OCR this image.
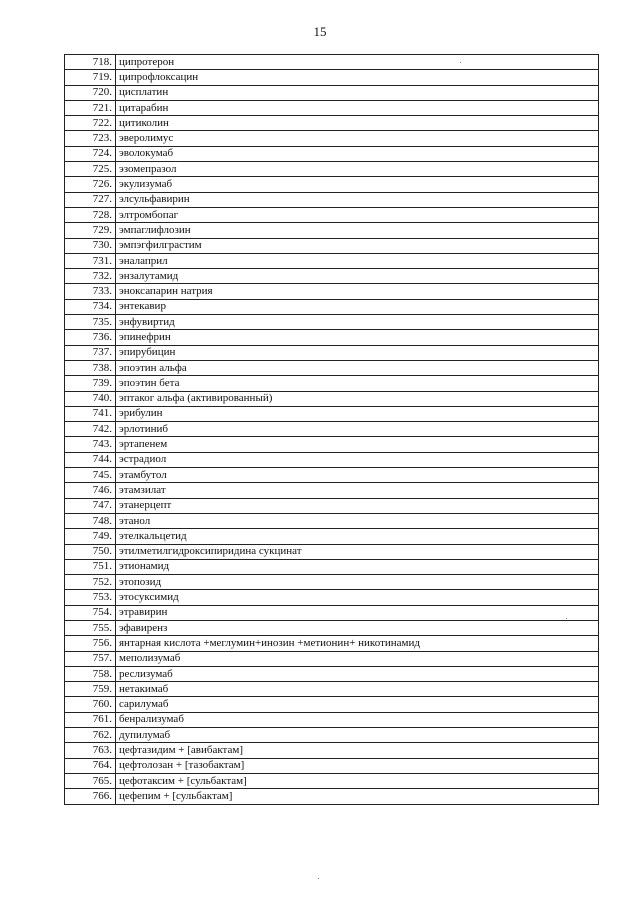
15
718.	ципротерон
719.	ципрофлоксацин
720.	цисплатин
721.	цитарабин
722.	цитиколин
723.	эверолимус
724.	эволокумаб
725.	эзомепразол
726.	экулизумаб
727.	элсульфавирин
728.	элтромбопаг
729.	эмпаглифлозин
730.	эмпэгфилграстим
731.	эналаприл
732.	энзалутамид
733.	эноксапарин натрия
734.	энтекавир
735.	энфувиртид
736.	эпинефрин
737.	эпирубицин
738.	эпоэтин альфа
739.	эпоэтин бета
740.	эптаког альфа (активированный)
741.	эрибулин
742.	эрлотиниб
743.	эртапенем
744.	эстрадиол
745.	этамбутол
746.	этамзилат
747.	этанерцепт
748.	этанол
749.	этелкальцетид
750.	этилметилгидроксипиридина сукцинат
751.	этионамид
752.	этопозид
753.	этосуксимид
754.	этравирин
755.	эфавиренз
756.	янтарная кислота +меглумин+инозин +метионин+ никотинамид
757.	меполизумаб
758.	реслизумаб
759.	нетакимаб
760.	сарилумаб
761.	бенрализумаб
762.	дупилумаб
763.	цефтазидим + [авибактам]
764.	цефтолозан + [тазобактам]
765.	цефотаксим + [сульбактам]
766.	цефепим + [сульбактам]
